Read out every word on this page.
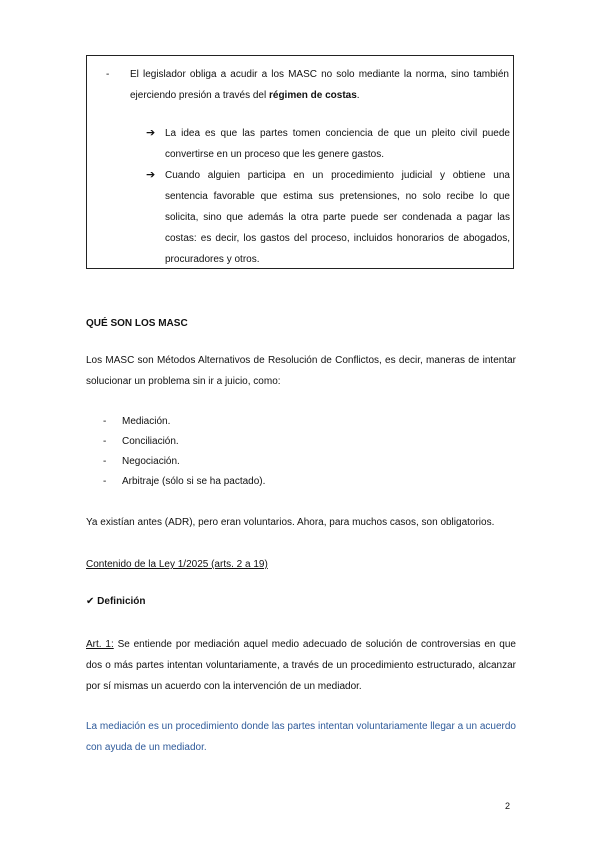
- El legislador obliga a acudir a los MASC no solo mediante la norma, sino también ejerciendo presión a través del régimen de costas.
➔ La idea es que las partes tomen conciencia de que un pleito civil puede convertirse en un proceso que les genere gastos.
➔ Cuando alguien participa en un procedimiento judicial y obtiene una sentencia favorable que estima sus pretensiones, no solo recibe lo que solicita, sino que además la otra parte puede ser condenada a pagar las costas: es decir, los gastos del proceso, incluidos honorarios de abogados, procuradores y otros.
QUÉ SON LOS MASC
Los MASC son Métodos Alternativos de Resolución de Conflictos, es decir, maneras de intentar solucionar un problema sin ir a juicio, como:
- Mediación.
- Conciliación.
- Negociación.
- Arbitraje (sólo si se ha pactado).
Ya existían antes (ADR), pero eran voluntarios. Ahora, para muchos casos, son obligatorios.
Contenido de la Ley 1/2025 (arts. 2 a 19)
✔ Definición
Art. 1: Se entiende por mediación aquel medio adecuado de solución de controversias en que dos o más partes intentan voluntariamente, a través de un procedimiento estructurado, alcanzar por sí mismas un acuerdo con la intervención de un mediador.
La mediación es un procedimiento donde las partes intentan voluntariamente llegar a un acuerdo con ayuda de un mediador.
2
